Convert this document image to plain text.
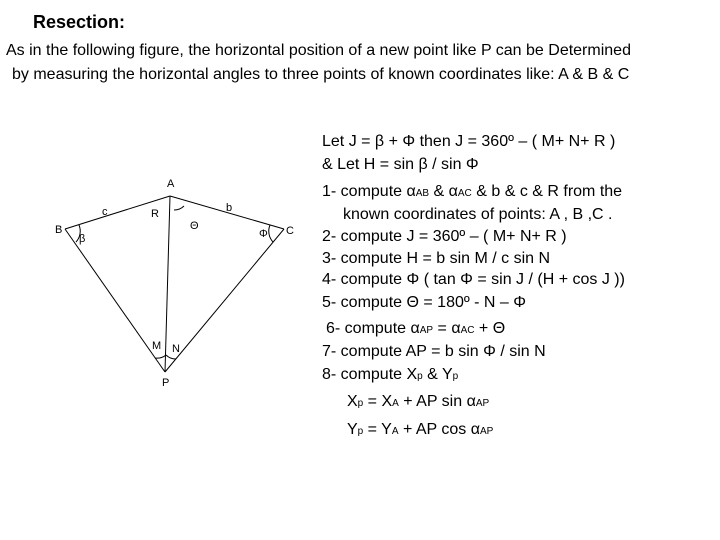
Resection:
As in the following figure, the horizontal position of a new point like P can be Determined
by measuring the horizontal angles to three points of known coordinates like: A & B & C
A
B	C
P
c	b
R
M N
β
Θ
Φ
Let J = β + Φ then J = 360º – ( M+ N+ R )
& Let H = sin β / sin Φ
1- compute αAB & αAC & b & c & R from the
known coordinates of points: A , B ,C .
2- compute J = 360º – ( M+ N+ R )
3- compute H = b sin M / c sin N
4- compute Φ ( tan Φ = sin J / (H + cos J ))
5- compute Θ = 180º - N – Φ
6- compute αAP = αAC + Θ
7- compute AP = b sin Φ / sin N
8- compute Xp & Yp
Xp = XA + AP sin αAP
Yp = YA + AP cos αAP
